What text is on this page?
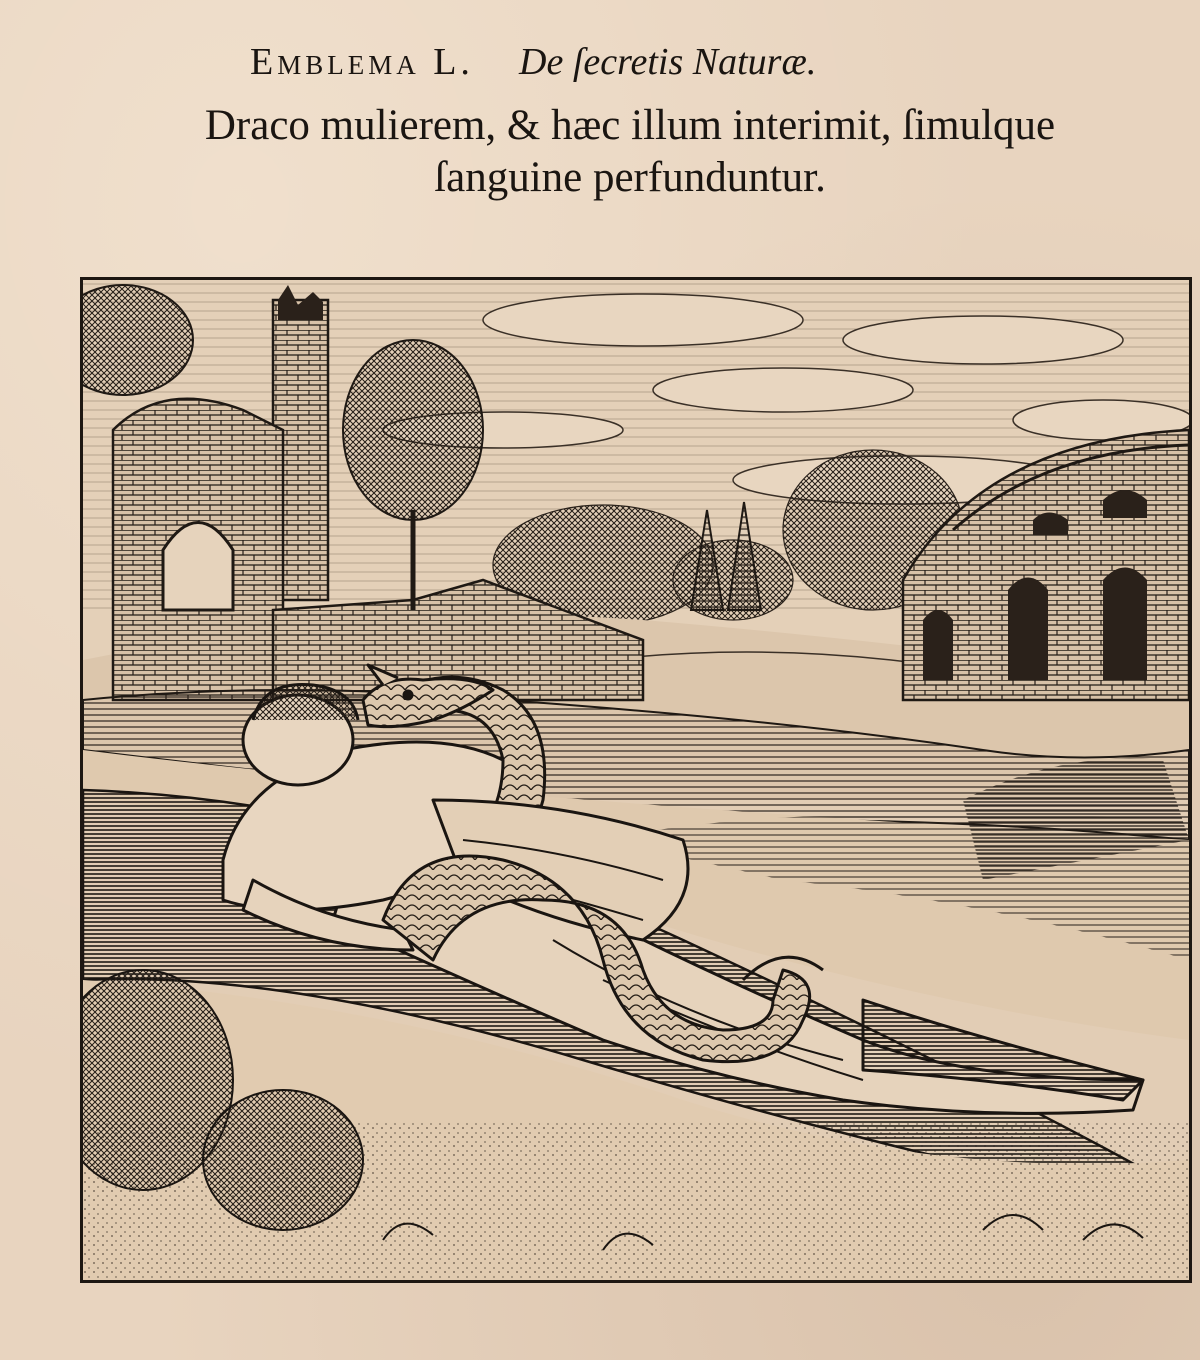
Emblema L. De ſecretis Naturæ.
Draco mulierem, & hæc illum interimit, ſimulque
ſanguine perfunduntur.
